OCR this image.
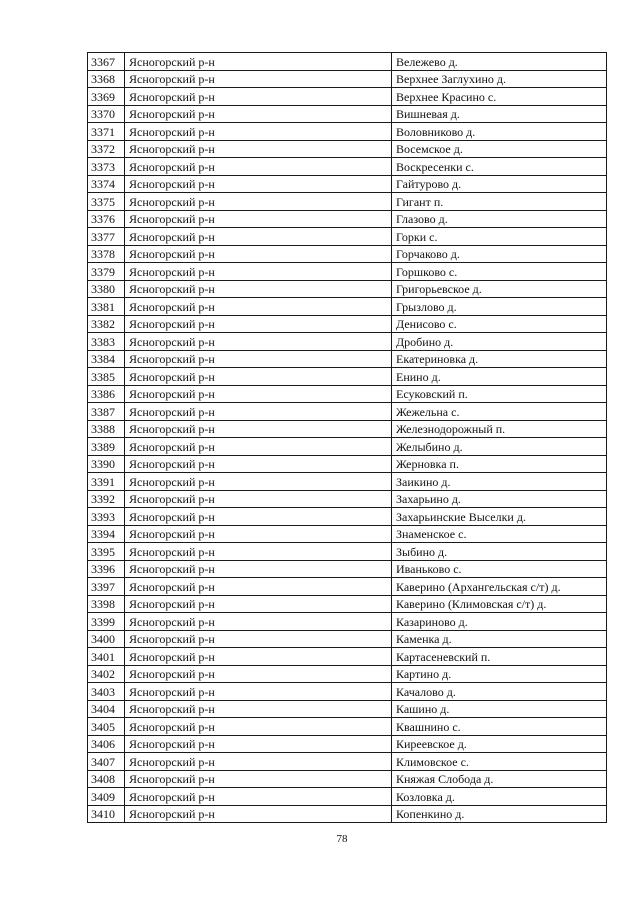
3367	Ясногорский р-н	Вележево д.
3368	Ясногорский р-н	Верхнее Заглухино д.
3369	Ясногорский р-н	Верхнее Красино с.
3370	Ясногорский р-н	Вишневая д.
3371	Ясногорский р-н	Воловниково д.
3372	Ясногорский р-н	Восемское д.
3373	Ясногорский р-н	Воскресенки с.
3374	Ясногорский р-н	Гайтурово д.
3375	Ясногорский р-н	Гигант п.
3376	Ясногорский р-н	Глазово д.
3377	Ясногорский р-н	Горки с.
3378	Ясногорский р-н	Горчаково д.
3379	Ясногорский р-н	Горшково с.
3380	Ясногорский р-н	Григорьевское д.
3381	Ясногорский р-н	Грызлово д.
3382	Ясногорский р-н	Денисово с.
3383	Ясногорский р-н	Дробино д.
3384	Ясногорский р-н	Екатериновка д.
3385	Ясногорский р-н	Енино д.
3386	Ясногорский р-н	Есуковский п.
3387	Ясногорский р-н	Жежельна с.
3388	Ясногорский р-н	Железнодорожный п.
3389	Ясногорский р-н	Желыбино д.
3390	Ясногорский р-н	Жерновка п.
3391	Ясногорский р-н	Заикино д.
3392	Ясногорский р-н	Захарьино д.
3393	Ясногорский р-н	Захарьинские Выселки д.
3394	Ясногорский р-н	Знаменское с.
3395	Ясногорский р-н	Зыбино д.
3396	Ясногорский р-н	Иваньково с.
3397	Ясногорский р-н	Каверино (Архангельская с/т) д.
3398	Ясногорский р-н	Каверино (Климовская с/т) д.
3399	Ясногорский р-н	Казариново д.
3400	Ясногорский р-н	Каменка д.
3401	Ясногорский р-н	Картасеневский п.
3402	Ясногорский р-н	Картино д.
3403	Ясногорский р-н	Качалово д.
3404	Ясногорский р-н	Кашино д.
3405	Ясногорский р-н	Квашнино с.
3406	Ясногорский р-н	Киреевское д.
3407	Ясногорский р-н	Климовское с.
3408	Ясногорский р-н	Княжая Слобода д.
3409	Ясногорский р-н	Козловка д.
3410	Ясногорский р-н	Копенкино д.
78
